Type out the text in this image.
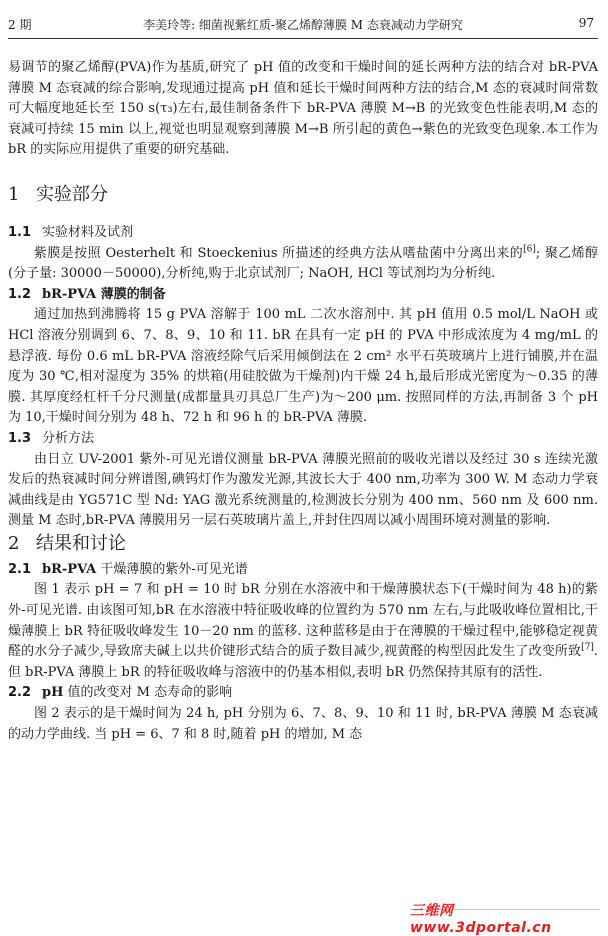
2 期	李美玲等: 细菌视紫红质-聚乙烯醇薄膜 M 态衰减动力学研究	97

易调节的聚乙烯醇(PVA)作为基质,研究了 pH 值的改变和干燥时间的延长两种方法的结合对 bR-PVA 薄膜 M 态衰减的综合影响,发现通过提高 pH 值和延长干燥时间两种方法的结合,M 态的衰减时间常数可大幅度地延长至 150 s(τ₃)左右,最佳制备条件下 bR-PVA 薄膜 M→B 的光致变色性能表明,M 态的衰减可持续 15 min 以上,视觉也明显观察到薄膜 M→B 所引起的黄色→紫色的光致变色现象.本工作为 bR 的实际应用提供了重要的研究基础.

1 实验部分
1.1 实验材料及试剂

紫膜是按照 Oesterhelt 和 Stoeckenius 所描述的经典方法从嗜盐菌中分离出来的[6]; 聚乙烯醇(分子量: 30000－50000),分析纯,购于北京试剂厂; NaOH, HCl 等试剂均为分析纯.

1.2 bR-PVA 薄膜的制备

通过加热到沸腾将 15 g PVA 溶解于 100 mL 二次水溶剂中. 其 pH 值用 0.5 mol/L NaOH 或 HCl 溶液分别调到 6、7、8、9、10 和 11. bR 在具有一定 pH 的 PVA 中形成浓度为 4 mg/mL 的悬浮液. 每份 0.6 mL bR-PVA 溶液经除气后采用倾倒法在 2 cm² 水平石英玻璃片上进行铺膜,并在温度为 30 ℃,相对湿度为 35% 的烘箱(用硅胶做为干燥剂)内干燥 24 h,最后形成光密度为～0.35 的薄膜. 其厚度经杠杆千分尺测量(成都量具刃具总厂生产)为～200 μm. 按照同样的方法,再制备 3 个 pH 为 10,干燥时间分别为 48 h、72 h 和 96 h 的 bR-PVA 薄膜.

1.3 分析方法

由日立 UV-2001 紫外-可见光谱仪测量 bR-PVA 薄膜光照前的吸收光谱以及经过 30 s 连续光激发后的热衰减时间分辨谱图,碘钨灯作为激发光源,其波长大于 400 nm,功率为 300 W. M 态动力学衰减曲线是由 YG571C 型 Nd: YAG 激光系统测量的,检测波长分别为 400 nm、560 nm 及 600 nm. 测量 M 态时,bR-PVA 薄膜用另一层石英玻璃片盖上,并封住四周以减小周围环境对测量的影响.

2 结果和讨论
2.1 bR-PVA 干燥薄膜的紫外-可见光谱

图 1 表示 pH = 7 和 pH = 10 时 bR 分别在水溶液中和干燥薄膜状态下(干燥时间为 48 h)的紫外-可见光谱. 由该图可知,bR 在水溶液中特征吸收峰的位置约为 570 nm 左右,与此吸收峰位置相比,干燥薄膜上 bR 特征吸收峰发生 10－20 nm 的蓝移. 这种蓝移是由于在薄膜的干燥过程中,能够稳定视黄醛的水分子减少,导致席夫碱上以共价键形式结合的质子数目减少,视黄醛的构型因此发生了改变所致[7]. 但 bR-PVA 薄膜上 bR 的特征吸收峰与溶液中的仍基本相似,表明 bR 仍然保持其原有的活性.

2.2 pH 值的改变对 M 态寿命的影响

图 2 表示的是干燥时间为 24 h, pH 分别为 6、7、8、9、10 和 11 时, bR-PVA 薄膜 M 态衰减的动力学曲线. 当 pH = 6、7 和 8 时,随着 pH 的增加, M 态

三维网 www.3dportal.cn
